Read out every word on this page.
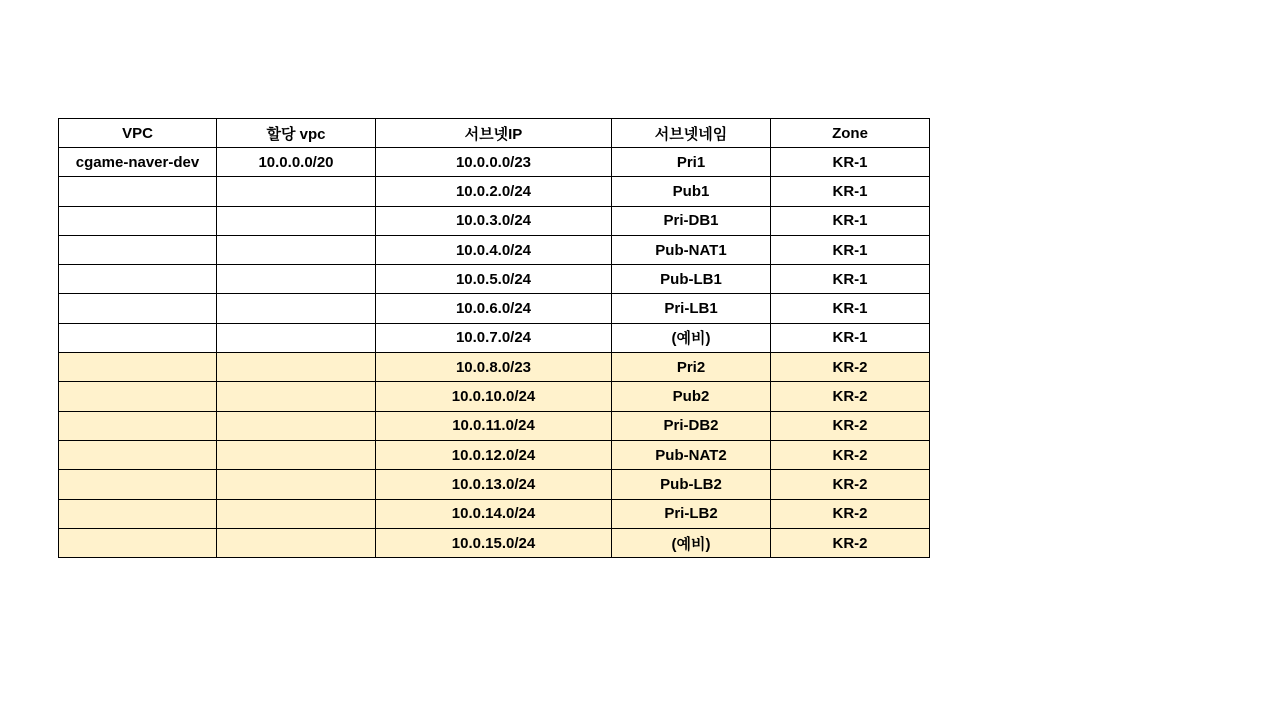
VPC	할당 vpc	서브넷IP	서브넷네임	Zone
cgame-naver-dev	10.0.0.0/20	10.0.0.0/23	Pri1	KR-1
		10.0.2.0/24	Pub1	KR-1
		10.0.3.0/24	Pri-DB1	KR-1
		10.0.4.0/24	Pub-NAT1	KR-1
		10.0.5.0/24	Pub-LB1	KR-1
		10.0.6.0/24	Pri-LB1	KR-1
		10.0.7.0/24	(예비)	KR-1
		10.0.8.0/23	Pri2	KR-2
		10.0.10.0/24	Pub2	KR-2
		10.0.11.0/24	Pri-DB2	KR-2
		10.0.12.0/24	Pub-NAT2	KR-2
		10.0.13.0/24	Pub-LB2	KR-2
		10.0.14.0/24	Pri-LB2	KR-2
		10.0.15.0/24	(예비)	KR-2
